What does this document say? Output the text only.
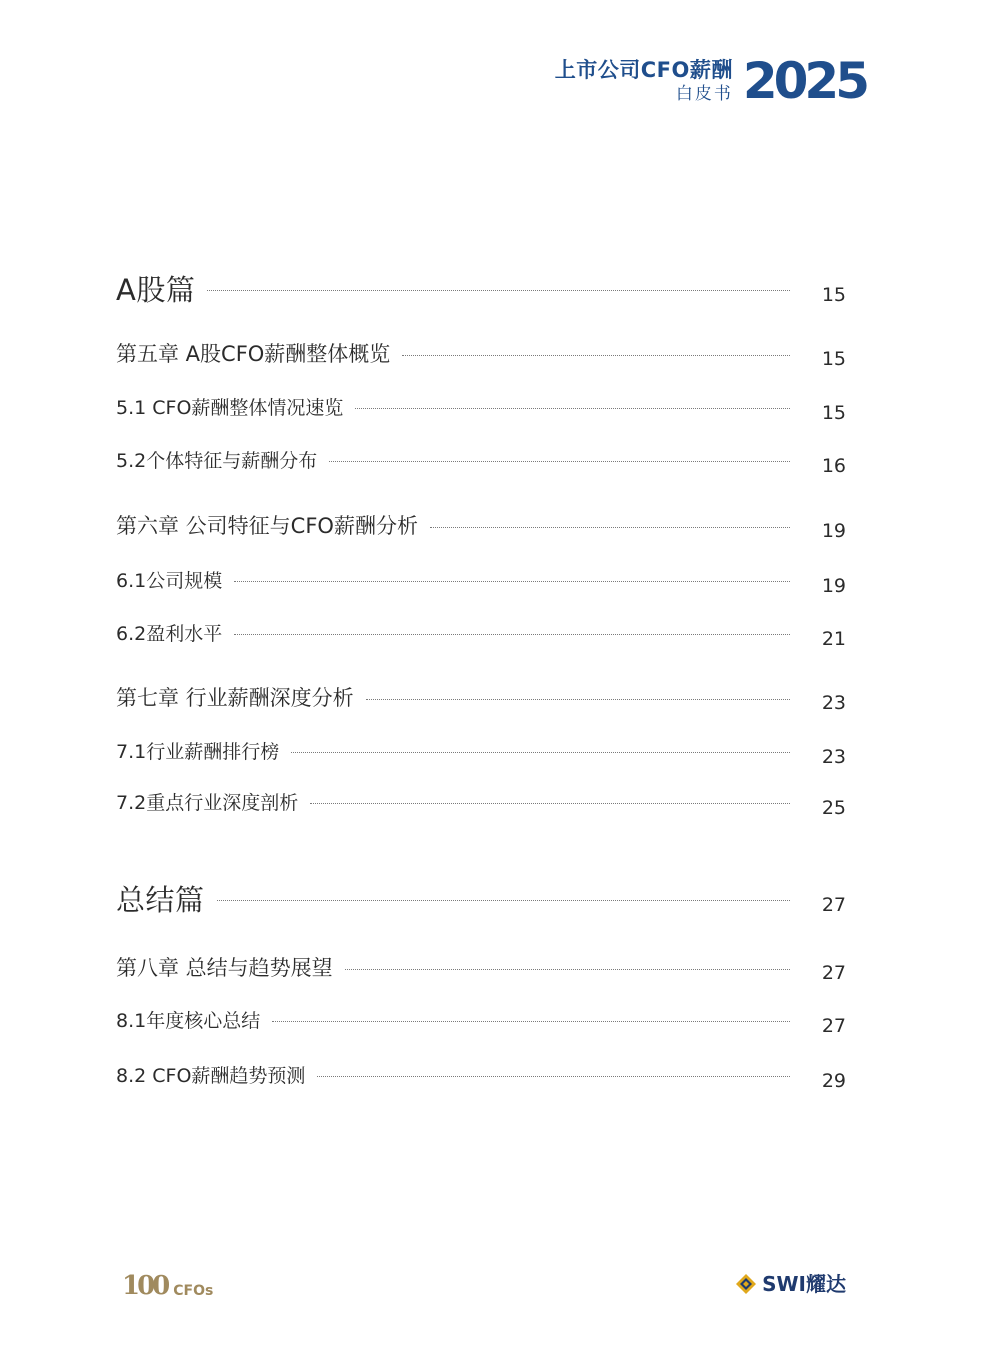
上市公司CFO薪酬
白皮书 2025
A股篇	15
第五章 A股CFO薪酬整体概览	15
5.1 CFO薪酬整体情况速览	15
5.2个体特征与薪酬分布	16
第六章 公司特征与CFO薪酬分析	19
6.1公司规模	19
6.2盈利水平	21
第七章 行业薪酬深度分析	23
7.1行业薪酬排行榜	23
7.2重点行业深度剖析	25
总结篇	27
第八章 总结与趋势展望	27
8.1年度核心总结	27
8.2 CFO薪酬趋势预测	29
100 CFOs	SWI耀达
